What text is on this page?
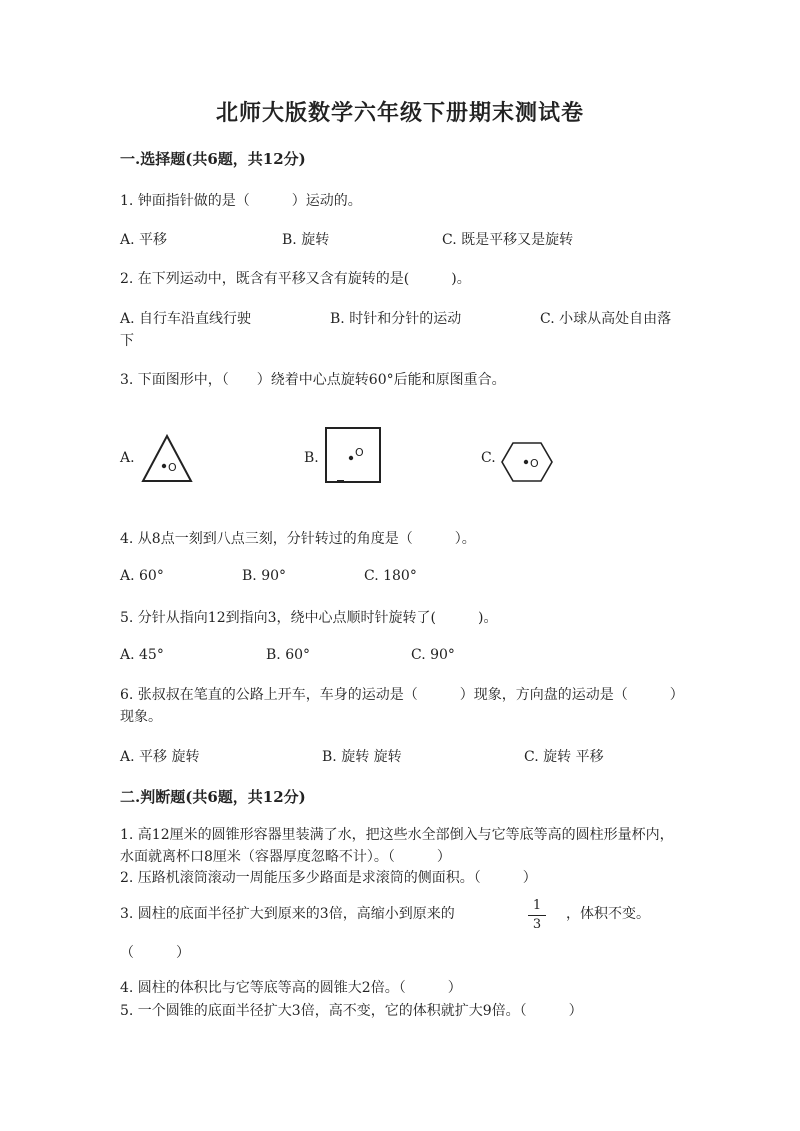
北师大版数学六年级下册期末测试卷
一.选择题(共6题，共12分)
1. 钟面指针做的是（　　　）运动的。
A. 平移	B. 旋转	C. 既是平移又是旋转
2. 在下列运动中，既含有平移又含有旋转的是(　　　)。
A. 自行车沿直线行驶	B. 时针和分针的运动	C. 小球从高处自由落下
3. 下面图形中，（　　）绕着中心点旋转60°后能和原图重合。
A.
O
B.	O	C.	O
4. 从8点一刻到八点三刻，分针转过的角度是（　　　）。
A. 60°	B. 90°	C. 180°
5. 分针从指向12到指向3，绕中心点顺时针旋转了(　　　)。
A. 45°	B. 60°	C. 90°
6. 张叔叔在笔直的公路上开车，车身的运动是（　　　）现象，方向盘的运动是（　　　）现象。
A. 平移 旋转	B. 旋转 旋转	C. 旋转 平移
二.判断题(共6题，共12分)
1. 高12厘米的圆锥形容器里装满了水，把这些水全部倒入与它等底等高的圆柱形量杯内，水面就离杯口8厘米（容器厚度忽略不计）。（　　　）
2. 压路机滚筒滚动一周能压多少路面是求滚筒的侧面积。（　　　）
3. 圆柱的底面半径扩大到原来的3倍，高缩小到原来的
1
3
，体积不变。
（　　　）
4. 圆柱的体积比与它等底等高的圆锥大2倍。（　　　）
5. 一个圆锥的底面半径扩大3倍，高不变，它的体积就扩大9倍。（　　　）
